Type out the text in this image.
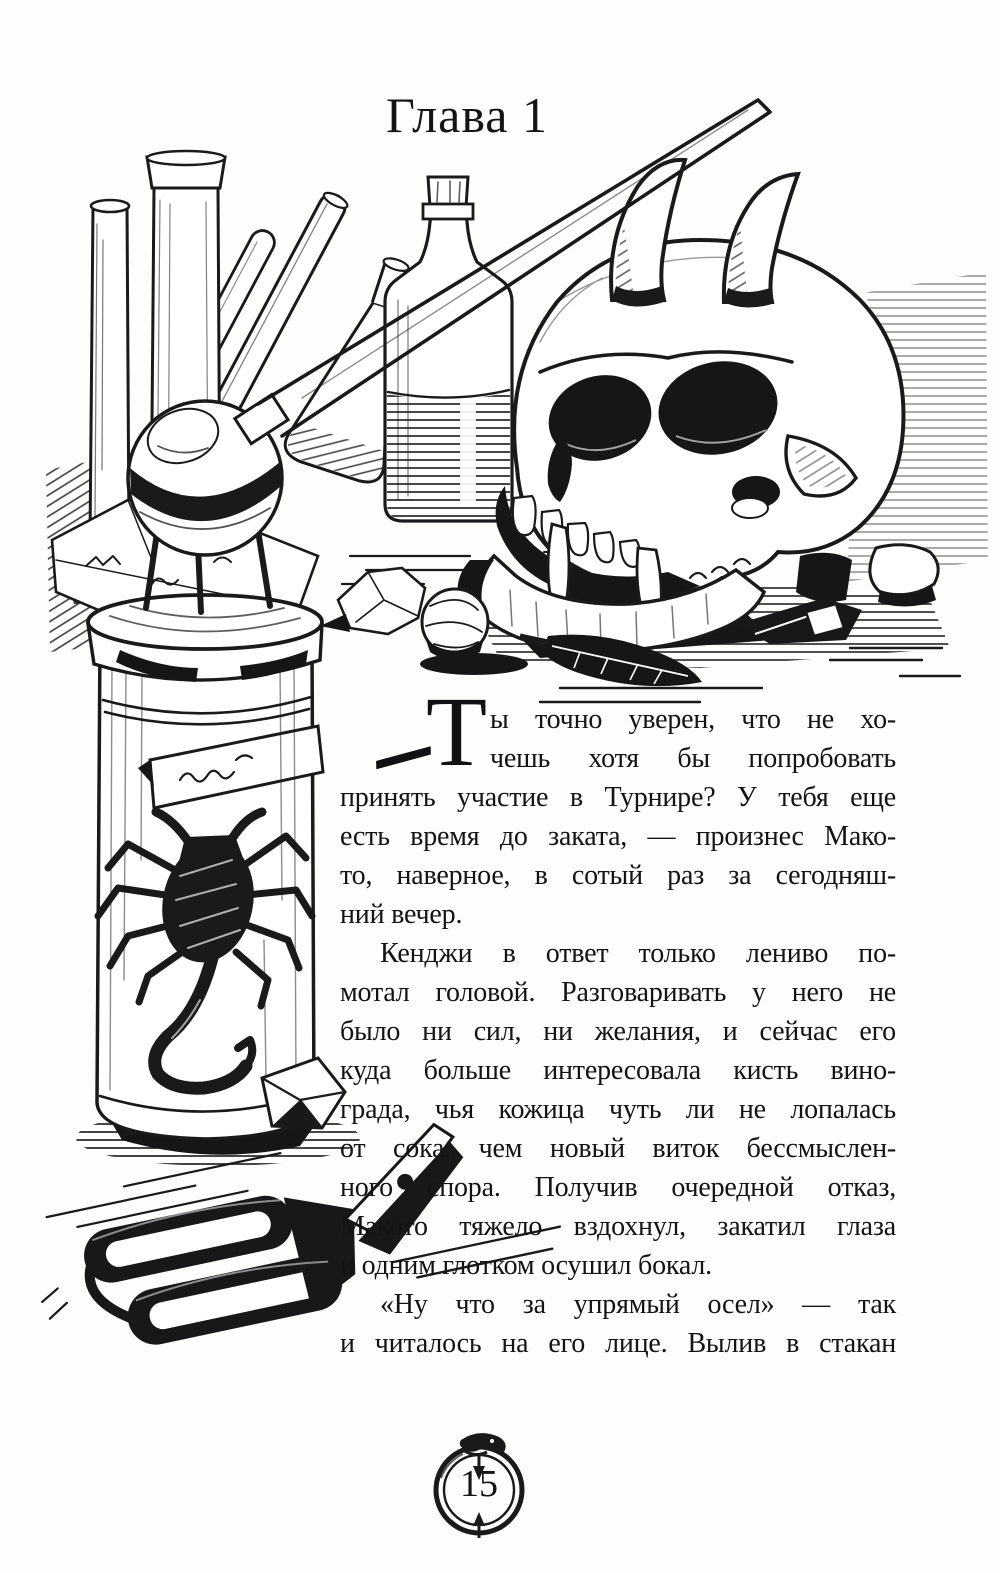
Глава 1
—
Т ы точно уверен, что не хо-
чешь хотя бы попробовать
принять участие в Турнире? У тебя еще
есть время до заката, — произнес Мако-
то, наверное, в сотый раз за сегодняш-
ний вечер.
Кенджи в ответ только лениво по-
мотал головой. Разговаривать у него не
было ни сил, ни желания, и сейчас его
куда больше интересовала кисть вино-
града, чья кожица чуть ли не лопалась
от сока, чем новый виток бессмыслен-
ного спора. Получив очередной отказ,
Макото тяжело вздохнул, закатил глаза
и одним глотком осушил бокал.
«Ну что за упрямый осел» — так
и читалось на его лице. Вылив в стакан
15
